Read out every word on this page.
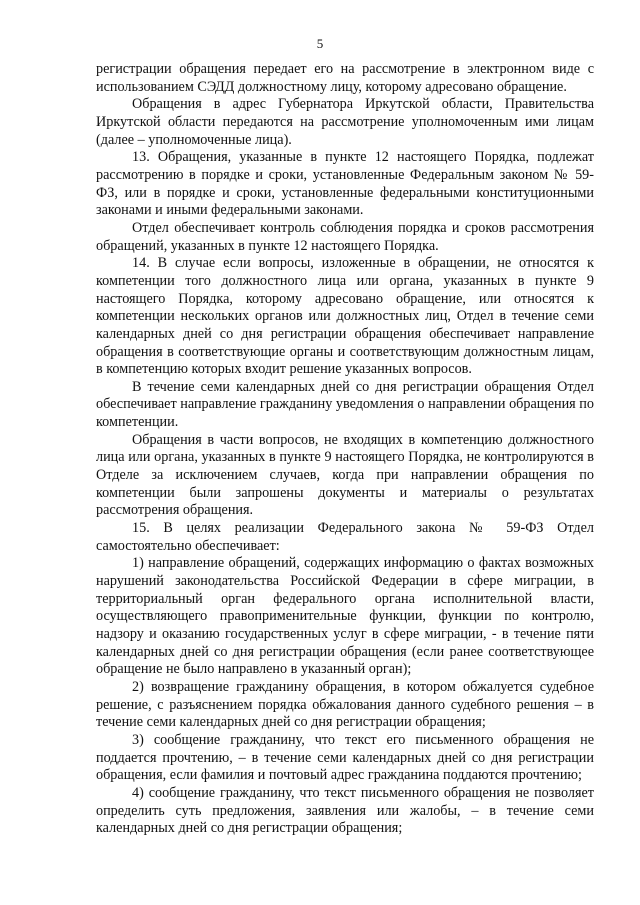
5

регистрации обращения передает его на рассмотрение в электронном виде с использованием СЭДД должностному лицу, которому адресовано обращение.

Обращения в адрес Губернатора Иркутской области, Правительства Иркутской области передаются на рассмотрение уполномоченным ими лицам (далее – уполномоченные лица).

13. Обращения, указанные в пункте 12 настоящего Порядка, подлежат рассмотрению в порядке и сроки, установленные Федеральным законом № 59-ФЗ, или в порядке и сроки, установленные федеральными конституционными законами и иными федеральными законами.

Отдел обеспечивает контроль соблюдения порядка и сроков рассмотрения обращений, указанных в пункте 12 настоящего Порядка.

14. В случае если вопросы, изложенные в обращении, не относятся к компетенции того должностного лица или органа, указанных в пункте 9 настоящего Порядка, которому адресовано обращение, или относятся к компетенции нескольких органов или должностных лиц, Отдел в течение семи календарных дней со дня регистрации обращения обеспечивает направление обращения в соответствующие органы и соответствующим должностным лицам, в компетенцию которых входит решение указанных вопросов.

В течение семи календарных дней со дня регистрации обращения Отдел обеспечивает направление гражданину уведомления о направлении обращения по компетенции.

Обращения в части вопросов, не входящих в компетенцию должностного лица или органа, указанных в пункте 9 настоящего Порядка, не контролируются в Отделе за исключением случаев, когда при направлении обращения по компетенции были запрошены документы и материалы о результатах рассмотрения обращения.

15. В целях реализации Федерального закона № 59-ФЗ Отдел самостоятельно обеспечивает:

1) направление обращений, содержащих информацию о фактах возможных нарушений законодательства Российской Федерации в сфере миграции, в территориальный орган федерального органа исполнительной власти, осуществляющего правоприменительные функции, функции по контролю, надзору и оказанию государственных услуг в сфере миграции, - в течение пяти календарных дней со дня регистрации обращения (если ранее соответствующее обращение не было направлено в указанный орган);

2) возвращение гражданину обращения, в котором обжалуется судебное решение, с разъяснением порядка обжалования данного судебного решения – в течение семи календарных дней со дня регистрации обращения;

3) сообщение гражданину, что текст его письменного обращения не поддается прочтению, – в течение семи календарных дней со дня регистрации обращения, если фамилия и почтовый адрес гражданина поддаются прочтению;

4) сообщение гражданину, что текст письменного обращения не позволяет определить суть предложения, заявления или жалобы, – в течение семи календарных дней со дня регистрации обращения;
